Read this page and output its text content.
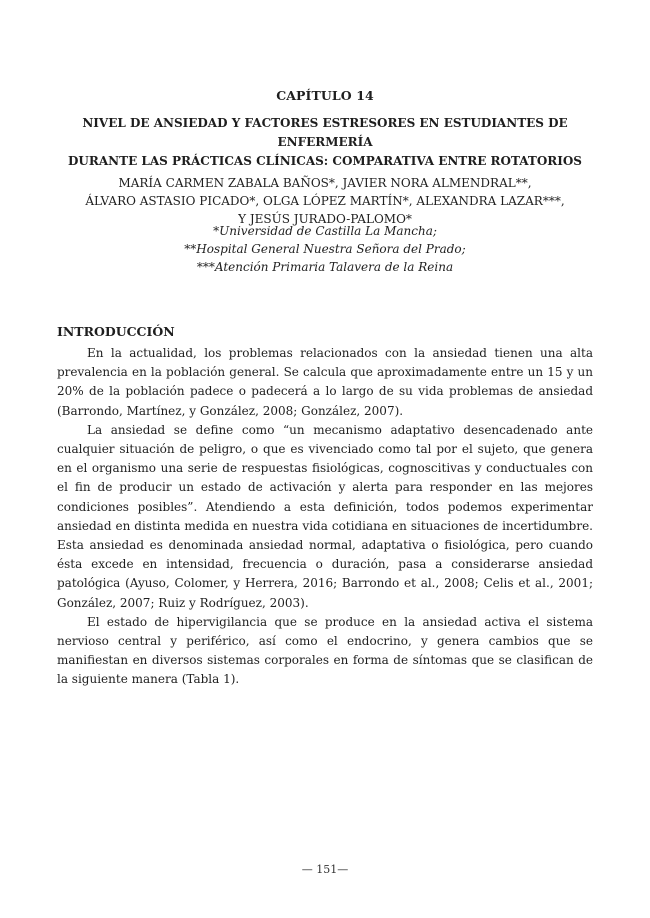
CAPÍTULO 14
NIVEL DE ANSIEDAD Y FACTORES ESTRESORES EN ESTUDIANTES DE ENFERMERÍA
DURANTE LAS PRÁCTICAS CLÍNICAS: COMPARATIVA ENTRE ROTATORIOS
MARÍA CARMEN ZABALA BAÑOS*, JAVIER NORA ALMENDRAL**,
ÁLVARO ASTASIO PICADO*, OLGA LÓPEZ MARTÍN*, ALEXANDRA LAZAR***,
Y JESÚS JURADO-PALOMO*
*Universidad de Castilla La Mancha;
**Hospital General Nuestra Señora del Prado;
***Atención Primaria Talavera de la Reina
INTRODUCCIÓN

En la actualidad, los problemas relacionados con la ansiedad tienen una alta prevalencia en la población general. Se calcula que aproximadamente entre un 15 y un 20% de la población padece o padecerá a lo largo de su vida problemas de ansiedad (Barrondo, Martínez, y González, 2008; González, 2007).

La ansiedad se define como “un mecanismo adaptativo desencadenado ante cualquier situación de peligro, o que es vivenciado como tal por el sujeto, que genera en el organismo una serie de respuestas fisiológicas, cognoscitivas y conductuales con el fin de producir un estado de activación y alerta para responder en las mejores condiciones posibles”. Atendiendo a esta definición, todos podemos experimentar ansiedad en distinta medida en nuestra vida cotidiana en situaciones de incertidumbre. Esta ansiedad es denominada ansiedad normal, adaptativa o fisiológica, pero cuando ésta excede en intensidad, frecuencia o duración, pasa a considerarse ansiedad patológica (Ayuso, Colomer, y Herrera, 2016; Barrondo et al., 2008; Celis et al., 2001; González, 2007; Ruiz y Rodríguez, 2003).

El estado de hipervigilancia que se produce en la ansiedad activa el sistema nervioso central y periférico, así como el endocrino, y genera cambios que se manifiestan en diversos sistemas corporales en forma de síntomas que se clasifican de la siguiente manera (Tabla 1).

— 151—
